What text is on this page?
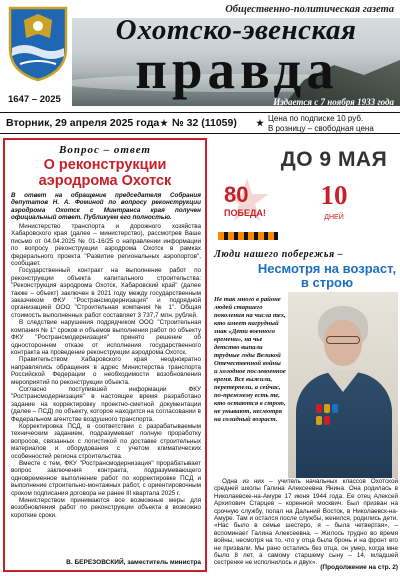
Общественно-политическая газета
1647 – 2025
Охотско-эвенская
правда
Издается с 7 ноября 1933 года
Вторник, 29 апреля 2025 года № 32 (11059)	Цена по подписке 10 руб.
В розницу – свободная цена
Вопрос – ответ
О реконструкции аэродрома Охотск
В ответ на обращение председателя Собрания депутатов Н. А. Фоминой по вопросу реконструкции аэродрома Охотск с Минтранса края получен официальный ответ. Публикуем его полностью.

Министерство транспорта и дорожного хозяйства Хабаровского края (далее – министерство), рассмотрев Ваше письмо от 04.04.2025 № 01-16/25 о направлении информации по вопросу реконструкции аэродрома Охотск в рамках федерального проекта "Развитие региональных аэропортов", сообщает.

Государственный контракт на выполнение работ по реконструкции объекта капитального строительства: "Реконструкция аэродрома Охотск, Хабаровский край" (далее также – объект) заключен в 2021 году между государственным заказчиком ФКУ "Ространсмодернизация" и подрядной организацией ООО "Строительная компания № 1". Общая стоимость выполненных работ составляет 3 737,7 млн. рублей.

В следствие нарушения подрядчиком ООО "Строительная компания № 1" сроков и объемов выполнения работ по объекту ФКУ "Ространсмодернизация" принято решение об одностороннем отказе от исполнения государственного контракта на проведение реконструкции аэродрома Охотск.

Правительством Хабаровского края неоднократно направлялись обращения в адрес Министерства транспорта Российской Федерации о необходимости возобновления мероприятий по реконструкции объекта.

Согласно поступившей информации ФКУ "Ространсмодернизация" в настоящее время разработано задание на корректировку проектно-сметной документации (далее – ПСД) по объекту, которое находится на согласовании в Федеральном агентстве воздушного транспорта.

Корректировка ПСД, в соответствии с разрабатываемым техническим заданием, подразумевает полную проработку вопросов, связанных с логистикой по доставке строительных материалов и оборудования с учетом климатических особенностей региона строительства.

Вместе с тем, ФКУ "Ространсмодернизация" прорабатывает вопрос заключения контракта, подразумевающего одновременное выполнение работ по корректировке ПСД и выполнение строительно-монтажных работ, с ориентировочным сроком подписания договора не ранее III квартала 2025 г.

Министерством принимаются все возможные меры для возобновления работ по реконструкции объекта в возможно короткие сроки.

В. БЕРЕЗОВСКИЙ, заместитель министра
80
ПОБЕДА!
ДО 9 МАЯ
10
ДНЕЙ
Люди нашего побережья –
Несмотря на возраст, в строю
Не так много в районе людей старшего поколения на числа тех, кто имеет нагрудный знак «Дети военного времени», на чье детство выпали трудные годы Великой Отечественной войны и холодное послевоенное время. Все выжили, перетерпели, а сейчас, по-прежнему есть те, кто остаются в строю, не унывают, несмотря на солидный возраст.

Одна из них – учитель начальных классов Охотской средней школы Галина Алексеевна Янина. Она родилась в Николаевске-на-Амуре 17 июня 1944 года. Ее отец Алексей Архипович Старцев – коренной москвич. Был призван на срочную службу, попал на Дальний Восток, в Николаевск-на-Амуре. Там и остался после службы, женился, родились дети. «Нас было в семье шестеро, я – была четвертая», – вспоминает Галина Алексеевна. – Жилось трудно во время войны, несмотря на то, что у отца была бронь и на фронт его не призвали. Мы рано остались без отца, он умер, когда мне было 8 лет, а самому старшему сыну – 14, младшей сестренке не исполнилось и двух».

(Продолжение на стр. 2)
